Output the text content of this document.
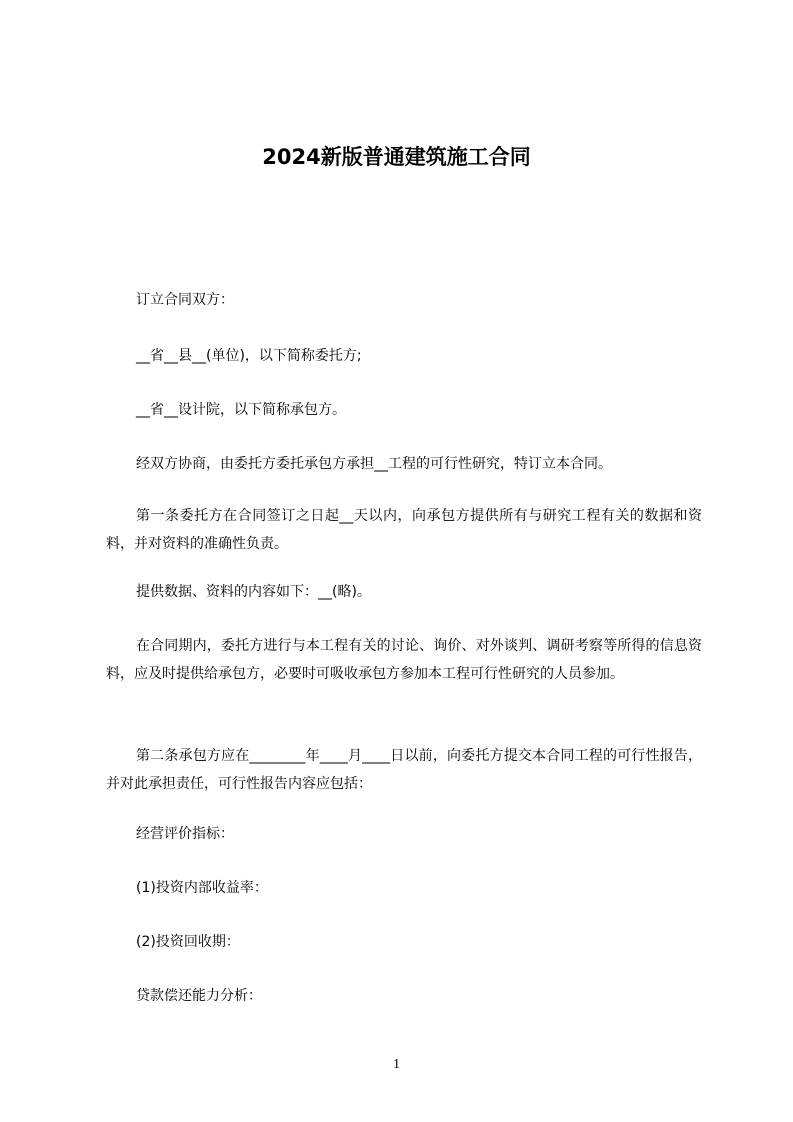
2024新版普通建筑施工合同
订立合同双方：
__省__县__(单位)，以下简称委托方;
__省__设计院，以下简称承包方。
经双方协商，由委托方委托承包方承担__工程的可行性研究，特订立本合同。
第一条委托方在合同签订之日起__天以内，向承包方提供所有与研究工程有关的数据和资料，并对资料的准确性负责。
提供数据、资料的内容如下：__(略)。
在合同期内，委托方进行与本工程有关的讨论、询价、对外谈判、调研考察等所得的信息资料，应及时提供给承包方，必要时可吸收承包方参加本工程可行性研究的人员参加。
第二条承包方应在________年____月____日以前，向委托方提交本合同工程的可行性报告，并对此承担责任，可行性报告内容应包括：
经营评价指标：
(1)投资内部收益率：
(2)投资回收期：
贷款偿还能力分析：
1
